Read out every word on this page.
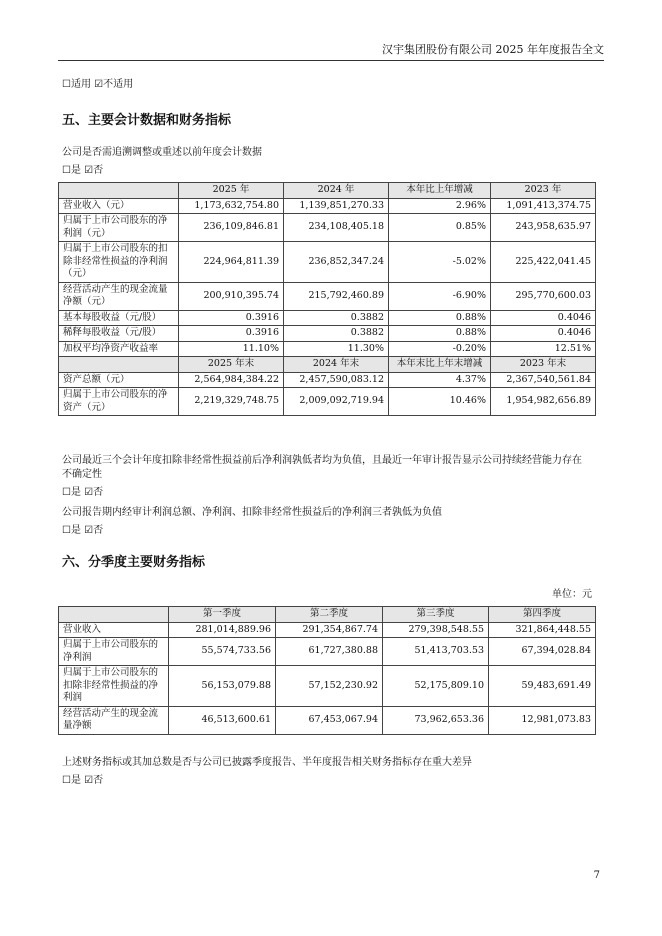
汉宇集团股份有限公司 2025 年年度报告全文
☐适用 ☑不适用
五、主要会计数据和财务指标
公司是否需追溯调整或重述以前年度会计数据
☐是 ☑否
	2025 年	2024 年	本年比上年增减	2023 年
营业收入（元）	1,173,632,754.80	1,139,851,270.33	2.96%	1,091,413,374.75
归属于上市公司股东的净利润（元）	236,109,846.81	234,108,405.18	0.85%	243,958,635.97
归属于上市公司股东的扣除非经常性损益的净利润（元）	224,964,811.39	236,852,347.24	-5.02%	225,422,041.45
经营活动产生的现金流量净额（元）	200,910,395.74	215,792,460.89	-6.90%	295,770,600.03
基本每股收益（元/股）	0.3916	0.3882	0.88%	0.4046
稀释每股收益（元/股）	0.3916	0.3882	0.88%	0.4046
加权平均净资产收益率	11.10%	11.30%	-0.20%	12.51%
	2025 年末	2024 年末	本年末比上年末增减	2023 年末
资产总额（元）	2,564,984,384.22	2,457,590,083.12	4.37%	2,367,540,561.84
归属于上市公司股东的净资产（元）	2,219,329,748.75	2,009,092,719.94	10.46%	1,954,982,656.89
公司最近三个会计年度扣除非经常性损益前后净利润孰低者均为负值，且最近一年审计报告显示公司持续经营能力存在
不确定性
☐是 ☑否
公司报告期内经审计利润总额、净利润、扣除非经常性损益后的净利润三者孰低为负值
☐是 ☑否
六、分季度主要财务指标
单位：元
	第一季度	第二季度	第三季度	第四季度
营业收入	281,014,889.96	291,354,867.74	279,398,548.55	321,864,448.55
归属于上市公司股东的净利润	55,574,733.56	61,727,380.88	51,413,703.53	67,394,028.84
归属于上市公司股东的扣除非经常性损益的净利润	56,153,079.88	57,152,230.92	52,175,809.10	59,483,691.49
经营活动产生的现金流量净额	46,513,600.61	67,453,067.94	73,962,653.36	12,981,073.83
上述财务指标或其加总数是否与公司已披露季度报告、半年度报告相关财务指标存在重大差异
☐是 ☑否
7
